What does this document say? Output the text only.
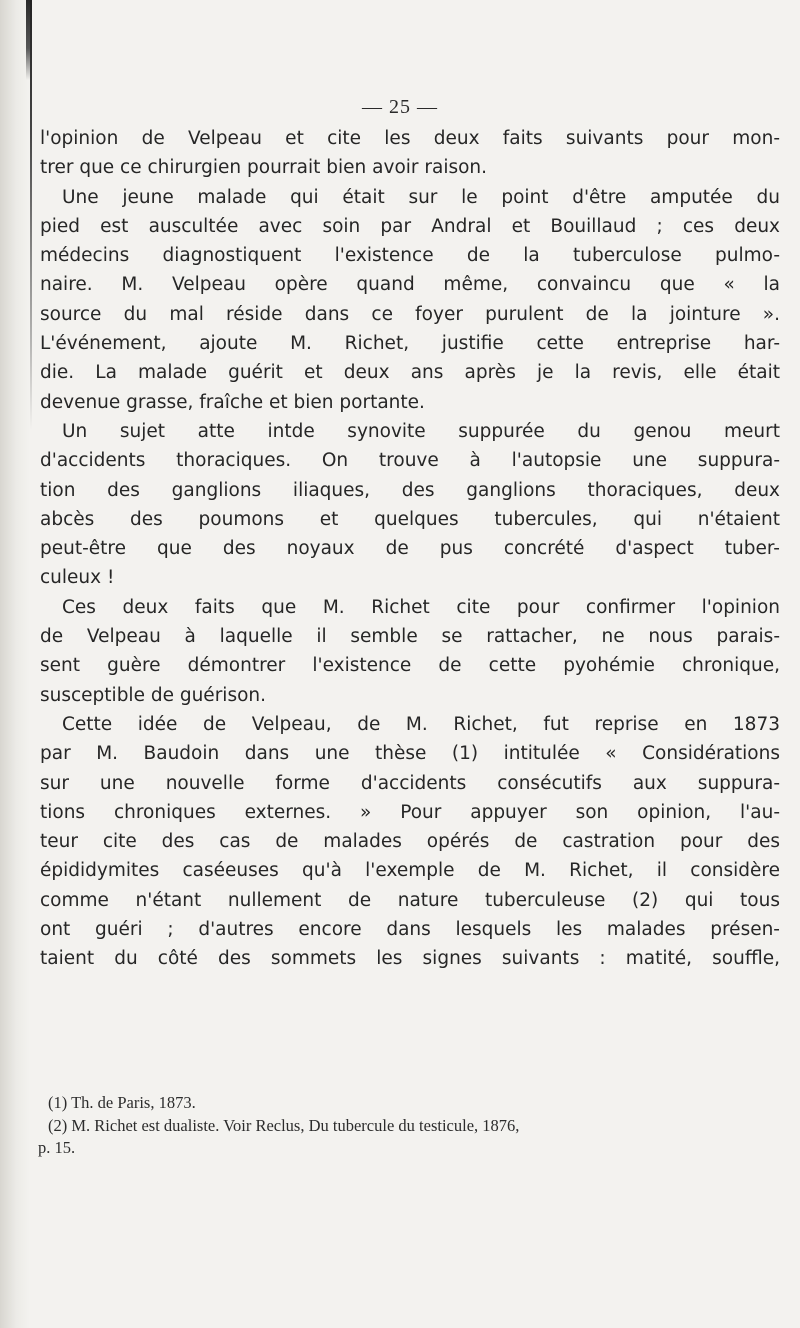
— 25 —
l'opinion de Velpeau et cite les deux faits suivants pour mon-
trer que ce chirurgien pourrait bien avoir raison.
Une jeune malade qui était sur le point d'être amputée du
pied est auscultée avec soin par Andral et Bouillaud ; ces deux
médecins diagnostiquent l'existence de la tuberculose pulmo-
naire. M. Velpeau opère quand même, convaincu que « la
source du mal réside dans ce foyer purulent de la jointure ».
L'événement, ajoute M. Richet, justifie cette entreprise har-
die. La malade guérit et deux ans après je la revis, elle était
devenue grasse, fraîche et bien portante.
Un sujet atte intde synovite suppurée du genou meurt
d'accidents thoraciques. On trouve à l'autopsie une suppura-
tion des ganglions iliaques, des ganglions thoraciques, deux
abcès des poumons et quelques tubercules, qui n'étaient
peut-être que des noyaux de pus concrété d'aspect tuber-
culeux !
Ces deux faits que M. Richet cite pour confirmer l'opinion
de Velpeau à laquelle il semble se rattacher, ne nous parais-
sent guère démontrer l'existence de cette pyohémie chronique,
susceptible de guérison.
Cette idée de Velpeau, de M. Richet, fut reprise en 1873
par M. Baudoin dans une thèse (1) intitulée « Considérations
sur une nouvelle forme d'accidents consécutifs aux suppura-
tions chroniques externes. » Pour appuyer son opinion, l'au-
teur cite des cas de malades opérés de castration pour des
épididymites caséeuses qu'à l'exemple de M. Richet, il considère
comme n'étant nullement de nature tuberculeuse (2) qui tous
ont guéri ; d'autres encore dans lesquels les malades présen-
taient du côté des sommets les signes suivants : matité, souffle,
(1) Th. de Paris, 1873.
(2) M. Richet est dualiste. Voir Reclus, Du tubercule du testicule, 1876,
p. 15.
